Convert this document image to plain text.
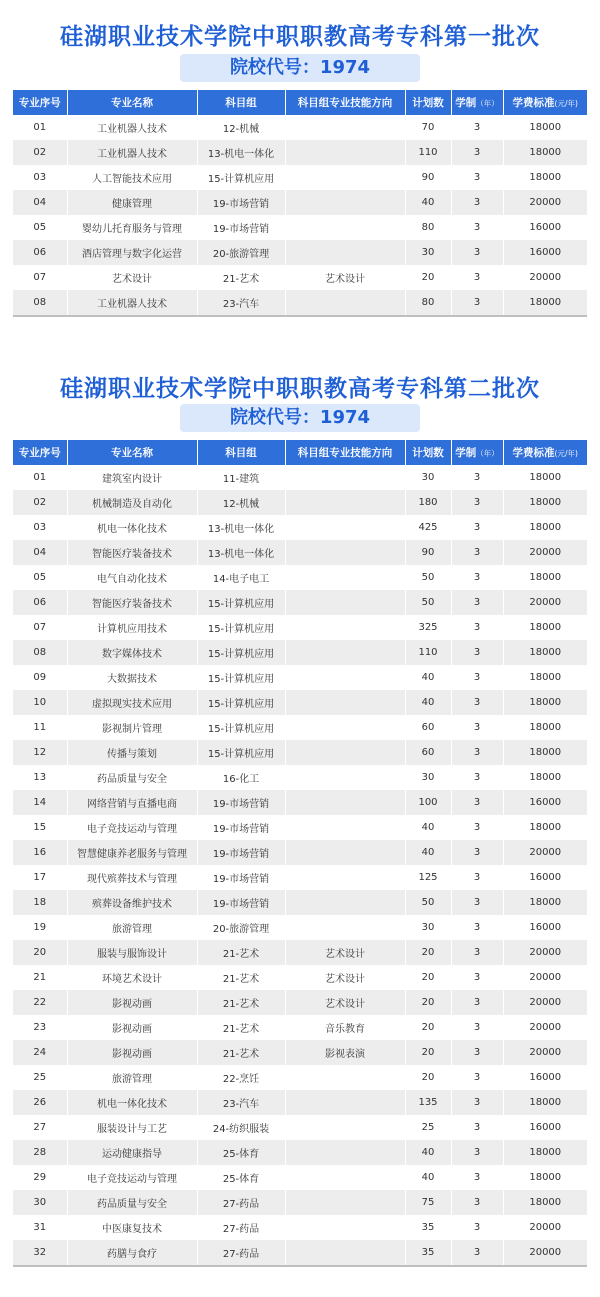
硅湖职业技术学院中职职教高考专科第一批次
院校代号：1974
专业序号	专业名称	科目组	科目组专业技能方向	计划数	学制（年）	学费标准(元/年)
01	工业机器人技术	12-机械		70	3	18000
02	工业机器人技术	13-机电一体化		110	3	18000
03	人工智能技术应用	15-计算机应用		90	3	18000
04	健康管理	19-市场营销		40	3	20000
05	婴幼儿托育服务与管理	19-市场营销		80	3	16000
06	酒店管理与数字化运营	20-旅游管理		30	3	16000
07	艺术设计	21-艺术	艺术设计	20	3	20000
08	工业机器人技术	23-汽车		80	3	18000
硅湖职业技术学院中职职教高考专科第二批次
院校代号：1974
专业序号	专业名称	科目组	科目组专业技能方向	计划数	学制（年）	学费标准(元/年)
01	建筑室内设计	11-建筑		30	3	18000
02	机械制造及自动化	12-机械		180	3	18000
03	机电一体化技术	13-机电一体化		425	3	18000
04	智能医疗装备技术	13-机电一体化		90	3	20000
05	电气自动化技术	14-电子电工		50	3	18000
06	智能医疗装备技术	15-计算机应用		50	3	20000
07	计算机应用技术	15-计算机应用		325	3	18000
08	数字媒体技术	15-计算机应用		110	3	18000
09	大数据技术	15-计算机应用		40	3	18000
10	虚拟现实技术应用	15-计算机应用		40	3	18000
11	影视制片管理	15-计算机应用		60	3	18000
12	传播与策划	15-计算机应用		60	3	18000
13	药品质量与安全	16-化工		30	3	18000
14	网络营销与直播电商	19-市场营销		100	3	16000
15	电子竞技运动与管理	19-市场营销		40	3	18000
16	智慧健康养老服务与管理	19-市场营销		40	3	20000
17	现代殡葬技术与管理	19-市场营销		125	3	16000
18	殡葬设备维护技术	19-市场营销		50	3	18000
19	旅游管理	20-旅游管理		30	3	16000
20	服装与服饰设计	21-艺术	艺术设计	20	3	20000
21	环境艺术设计	21-艺术	艺术设计	20	3	20000
22	影视动画	21-艺术	艺术设计	20	3	20000
23	影视动画	21-艺术	音乐教育	20	3	20000
24	影视动画	21-艺术	影视表演	20	3	20000
25	旅游管理	22-烹饪		20	3	16000
26	机电一体化技术	23-汽车		135	3	18000
27	服装设计与工艺	24-纺织服装		25	3	16000
28	运动健康指导	25-体育		40	3	18000
29	电子竞技运动与管理	25-体育		40	3	18000
30	药品质量与安全	27-药品		75	3	18000
31	中医康复技术	27-药品		35	3	20000
32	药膳与食疗	27-药品		35	3	20000
